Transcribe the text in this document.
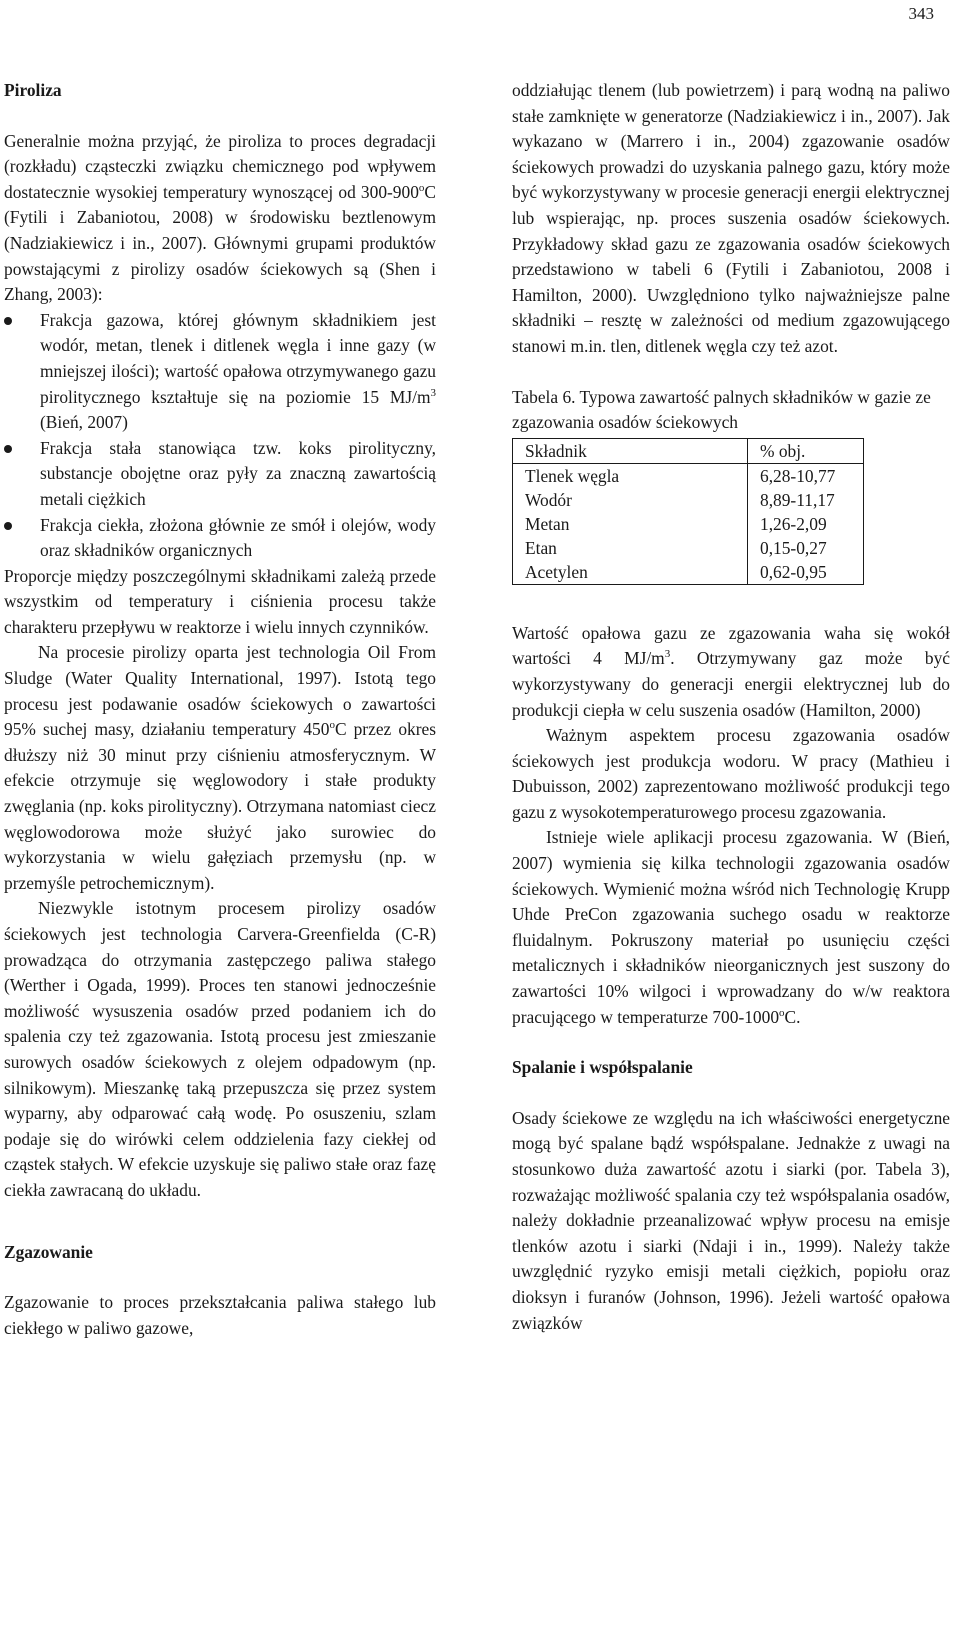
343
Piroliza

Generalnie można przyjąć, że piroliza to proces degradacji (rozkładu) cząsteczki związku chemicznego pod wpływem dostatecznie wysokiej temperatury wynoszącej od 300-900$^o$C (Fytili i Zabaniotou, 2008) w środowisku beztlenowym (Nadziakiewicz i in., 2007). Głównymi grupami produktów powstającymi z pirolizy osadów ściekowych są (Shen i Zhang, 2003):

Frakcja gazowa, której głównym składnikiem jest wodór, metan, tlenek i ditlenek węgla i inne gazy (w mniejszej ilości); wartość opałowa otrzymywanego gazu pirolitycznego kształtuje się na poziomie 15 $MJ/m^3$ (Bień, 2007)
Frakcja stała stanowiąca tzw. koks pirolityczny, substancje obojętne oraz pyły za znaczną zawartością metali ciężkich
Frakcja ciekła, złożona głównie ze smół i olejów, wody oraz składników organicznych

Proporcje między poszczególnymi składnikami zależą przede wszystkim od temperatury i ciśnienia procesu także charakteru przepływu w reaktorze i wielu innych czynników.

Na procesie pirolizy oparta jest technologia Oil From Sludge (Water Quality International, 1997). Istotą tego procesu jest podawanie osadów ściekowych o zawartości 95% suchej masy, działaniu temperatury 450$^o$C przez okres dłuższy niż 30 minut przy ciśnieniu atmosferycznym. W efekcie otrzymuje się węglowodory i stałe produkty zwęglania (np. koks pirolityczny). Otrzymana natomiast ciecz węglowodorowa może służyć jako surowiec do wykorzystania w wielu gałęziach przemysłu (np. w przemyśle petrochemicznym).

Niezwykle istotnym procesem pirolizy osadów ściekowych jest technologia Carvera-Greenfielda (C-R) prowadząca do otrzymania zastępczego paliwa stałego (Werther i Ogada, 1999). Proces ten stanowi jednocześnie możliwość wysuszenia osadów przed podaniem ich do spalenia czy też zgazowania. Istotą procesu jest zmieszanie surowych osadów ściekowych z olejem odpadowym (np. silnikowym). Mieszankę taką przepuszcza się przez system wyparny, aby odparować całą wodę. Po osuszeniu, szlam podaje się do wirówki celem oddzielenia fazy ciekłej od cząstek stałych. W efekcie uzyskuje się paliwo stałe oraz fazę ciekła zawracaną do układu.

Zgazowanie

Zgazowanie to proces przekształcania paliwa stałego lub ciekłego w paliwo gazowe,

oddziałując tlenem (lub powietrzem) i parą wodną na paliwo stałe zamknięte w generatorze (Nadziakiewicz i in., 2007). Jak wykazano w (Marrero i in., 2004) zgazowanie osadów ściekowych prowadzi do uzyskania palnego gazu, który może być wykorzystywany w procesie generacji energii elektrycznej lub wspierając, np. proces suszenia osadów ściekowych. Przykładowy skład gazu ze zgazowania osadów ściekowych przedstawiono w tabeli 6 (Fytili i Zabaniotou, 2008 i Hamilton, 2000). Uwzględniono tylko najważniejsze palne składniki – resztę w zależności od medium zgazowującego stanowi m.in. tlen, ditlenek węgla czy też azot.

Tabela 6. Typowa zawartość palnych składników w gazie ze zgazowania osadów ściekowych

Składnik	% obj.
Tlenek węgla	6,28-10,77
Wodór	8,89-11,17
Metan	1,26-2,09
Etan	0,15-0,27
Acetylen	0,62-0,95

Wartość opałowa gazu ze zgazowania waha się wokół wartości 4 $MJ/m^3$. Otrzymywany gaz może być wykorzystywany do generacji energii elektrycznej lub do produkcji ciepła w celu suszenia osadów (Hamilton, 2000)

Ważnym aspektem procesu zgazowania osadów ściekowych jest produkcja wodoru. W pracy (Mathieu i Dubuisson, 2002) zaprezentowano możliwość produkcji tego gazu z wysokotemperaturowego procesu zgazowania.

Istnieje wiele aplikacji procesu zgazowania. W (Bień, 2007) wymienia się kilka technologii zgazowania osadów ściekowych. Wymienić można wśród nich Technologię Krupp Uhde PreCon zgazowania suchego osadu w reaktorze fluidalnym. Pokruszony materiał po usunięciu części metalicznych i składników nieorganicznych jest suszony do zawartości 10% wilgoci i wprowadzany do w/w reaktora pracującego w temperaturze 700-1000$^o$C.

Spalanie i współspalanie

Osady ściekowe ze względu na ich właściwości energetyczne mogą być spalane bądź współspalane. Jednakże z uwagi na stosunkowo duża zawartość azotu i siarki (por. Tabela 3), rozważając możliwość spalania czy też współspalania osadów, należy dokładnie przeanalizować wpływ procesu na emisje tlenków azotu i siarki (Ndaji i in., 1999). Należy także uwzględnić ryzyko emisji metali ciężkich, popiołu oraz dioksyn i furanów (Johnson, 1996). Jeżeli wartość opałowa związków
